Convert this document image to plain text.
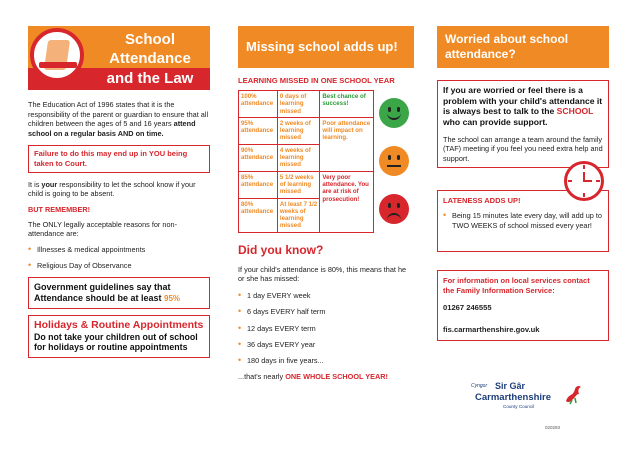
School
Attendance
and the Law

The Education Act of 1996 states that it is the responsibility of the parent or guardian to ensure that all children between the ages of 5 and 16 years attend school on a regular basis AND on time.

Failure to do this may end up in YOU being taken to Court.

It is your responsibility to let the school know if your child is going to be absent.

BUT REMEMBER!

The ONLY legally acceptable reasons for non-attendance are:

• Illnesses & medical appointments
• Religious Day of Observance
Government guidelines say that Attendance should be at least 95%
Holidays & Routine Appointments
Do not take your children out of school for holidays or routine appointments
Missing school adds up!
LEARNING MISSED IN ONE SCHOOL YEAR
100% attendance	0 days of learning missed	Best chance of success!
95% attendance	2 weeks of learning missed	Poor attendance will impact on learning.
90% attendance	4 weeks of learning missed	
85% attendance	5 1/2 weeks of learning missed	Very poor attendance. You are at risk of prosecution!
80% attendance	At least 7 1/2 weeks of learning missed	
Did you know?

If your child's attendance is 80%, this means that he or she has missed:

• 1 day EVERY week
• 6 days EVERY half term
• 12 days EVERY term
• 36 days EVERY year
• 180 days in five years...

...that's nearly ONE WHOLE SCHOOL YEAR!

Worried about school attendance?
If you are worried or feel there is a problem with your child's attendance it is always best to talk to the SCHOOL who can provide support.

The school can arrange a team around the family (TAF) meeting if you feel you need extra help and support.

LATENESS ADDS UP!
• Being 15 minutes late every day, will add up to TWO WEEKS of school missed every year!
For information on local services contact the Family Information Service:
01267 246555
fis.carmarthenshire.gov.uk
Cyngor Sir Gâr
Carmarthenshire
County Council
020293
